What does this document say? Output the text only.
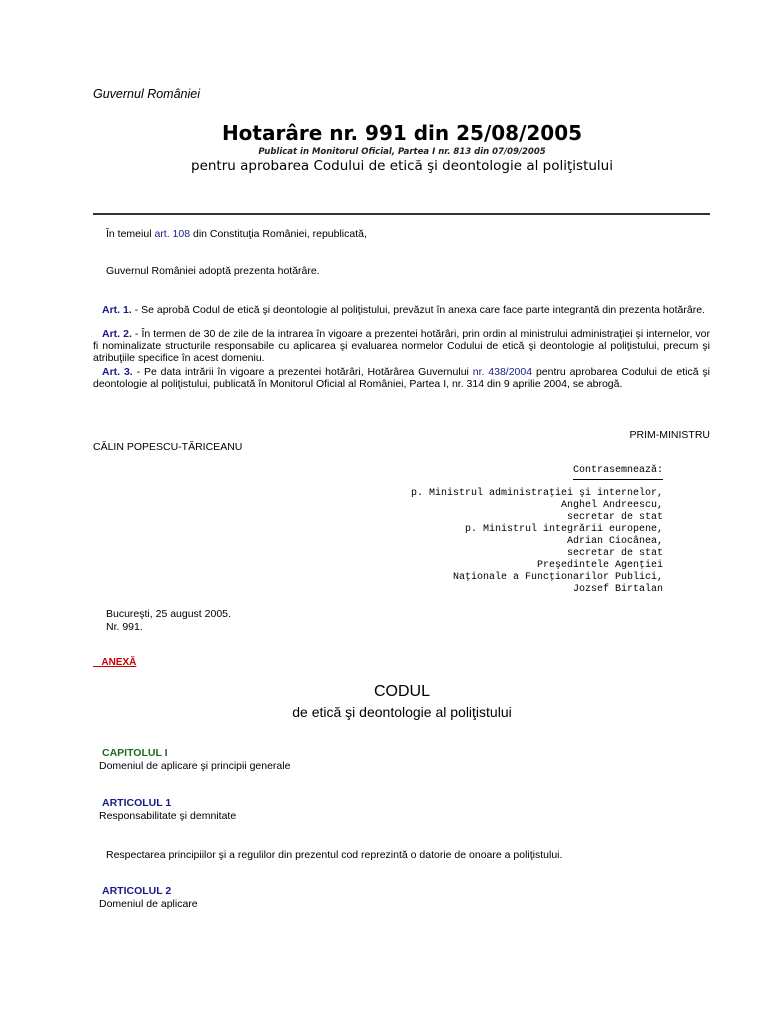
Guvernul României
Hotarâre nr. 991 din 25/08/2005
Publicat in Monitorul Oficial, Partea I nr. 813 din 07/09/2005
pentru aprobarea Codului de etică şi deontologie al poliţistului
În temeiul art. 108 din Constituţia României, republicată,
Guvernul României adoptă prezenta hotărâre.
Art. 1. - Se aprobă Codul de etică şi deontologie al poliţistului, prevăzut în anexa care face parte integrantă din prezenta hotărâre.
Art. 2. - În termen de 30 de zile de la intrarea în vigoare a prezentei hotărâri, prin ordin al ministrului administraţiei şi internelor, vor fi nominalizate structurile responsabile cu aplicarea şi evaluarea normelor Codului de etică şi deontologie al poliţistului, precum şi atribuţiile specifice în acest domeniu.
Art. 3. - Pe data intrării în vigoare a prezentei hotărâri, Hotărârea Guvernului nr. 438/2004 pentru aprobarea Codului de etică şi deontologie al poliţistului, publicată în Monitorul Oficial al României, Partea I, nr. 314 din 9 aprilie 2004, se abrogă.
PRIM-MINISTRU
CĂLIN POPESCU-TĂRICEANU
Contrasemnează:
p. Ministrul administraţiei şi internelor,
Anghel Andreescu,
secretar de stat
p. Ministrul integrării europene,
Adrian Ciocânea,
secretar de stat
Preşedintele Agenţiei
Naţionale a Funcţionarilor Publici,
Jozsef Birtalan
Bucureşti, 25 august 2005.
Nr. 991.
ANEXĂ
CODUL
de etică şi deontologie al poliţistului
CAPITOLUL I
Domeniul de aplicare şi principii generale
ARTICOLUL 1
Responsabilitate şi demnitate
Respectarea principiilor şi a regulilor din prezentul cod reprezintă o datorie de onoare a poliţistului.
ARTICOLUL 2
Domeniul de aplicare
